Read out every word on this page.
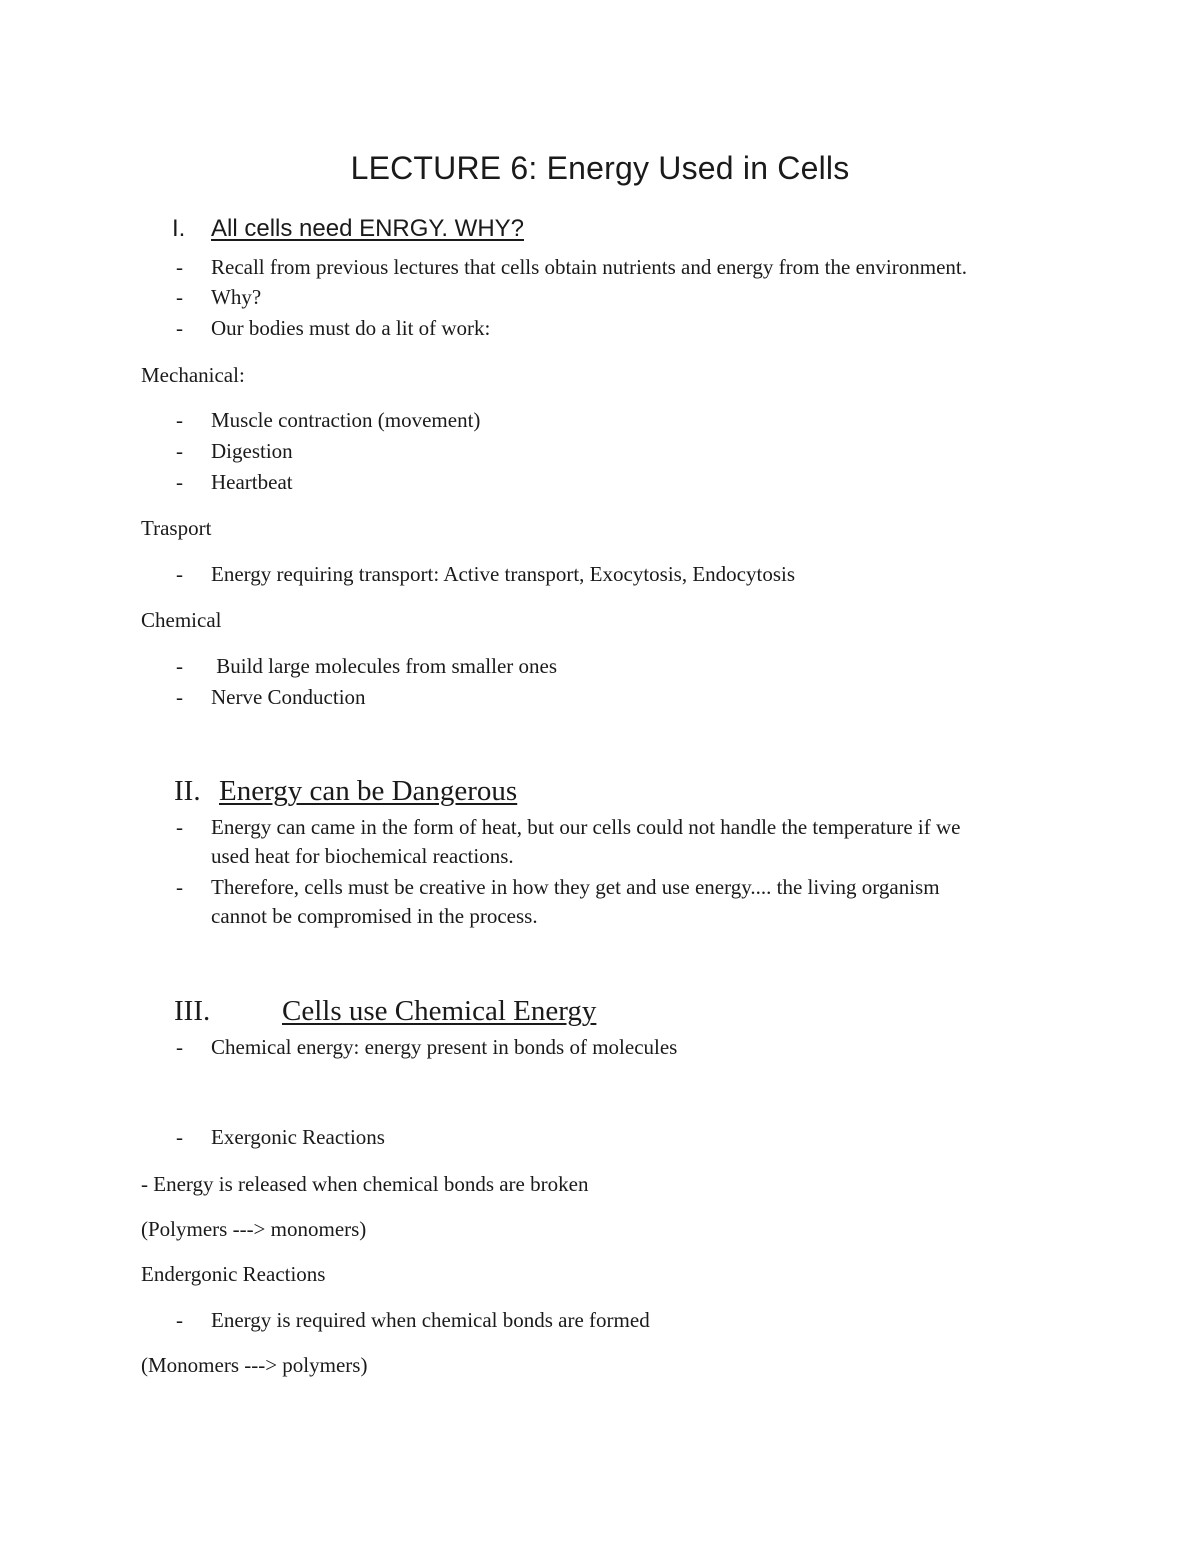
LECTURE 6: Energy Used in Cells
I. All cells need ENRGY. WHY?
- Recall from previous lectures that cells obtain nutrients and energy from the environment.
- Why?
- Our bodies must do a lit of work:
Mechanical:
- Muscle contraction (movement)
- Digestion
- Heartbeat
Trasport
- Energy requiring transport: Active transport, Exocytosis, Endocytosis
Chemical
- Build large molecules from smaller ones
- Nerve Conduction
II. Energy can be Dangerous
- Energy can came in the form of heat, but our cells could not handle the temperature if we
used heat for biochemical reactions.
- Therefore, cells must be creative in how they get and use energy.... the living organism
cannot be compromised in the process.
III. Cells use Chemical Energy
- Chemical energy: energy present in bonds of molecules
- Exergonic Reactions
- Energy is released when chemical bonds are broken
(Polymers ---> monomers)
Endergonic Reactions
- Energy is required when chemical bonds are formed
(Monomers ---> polymers)
